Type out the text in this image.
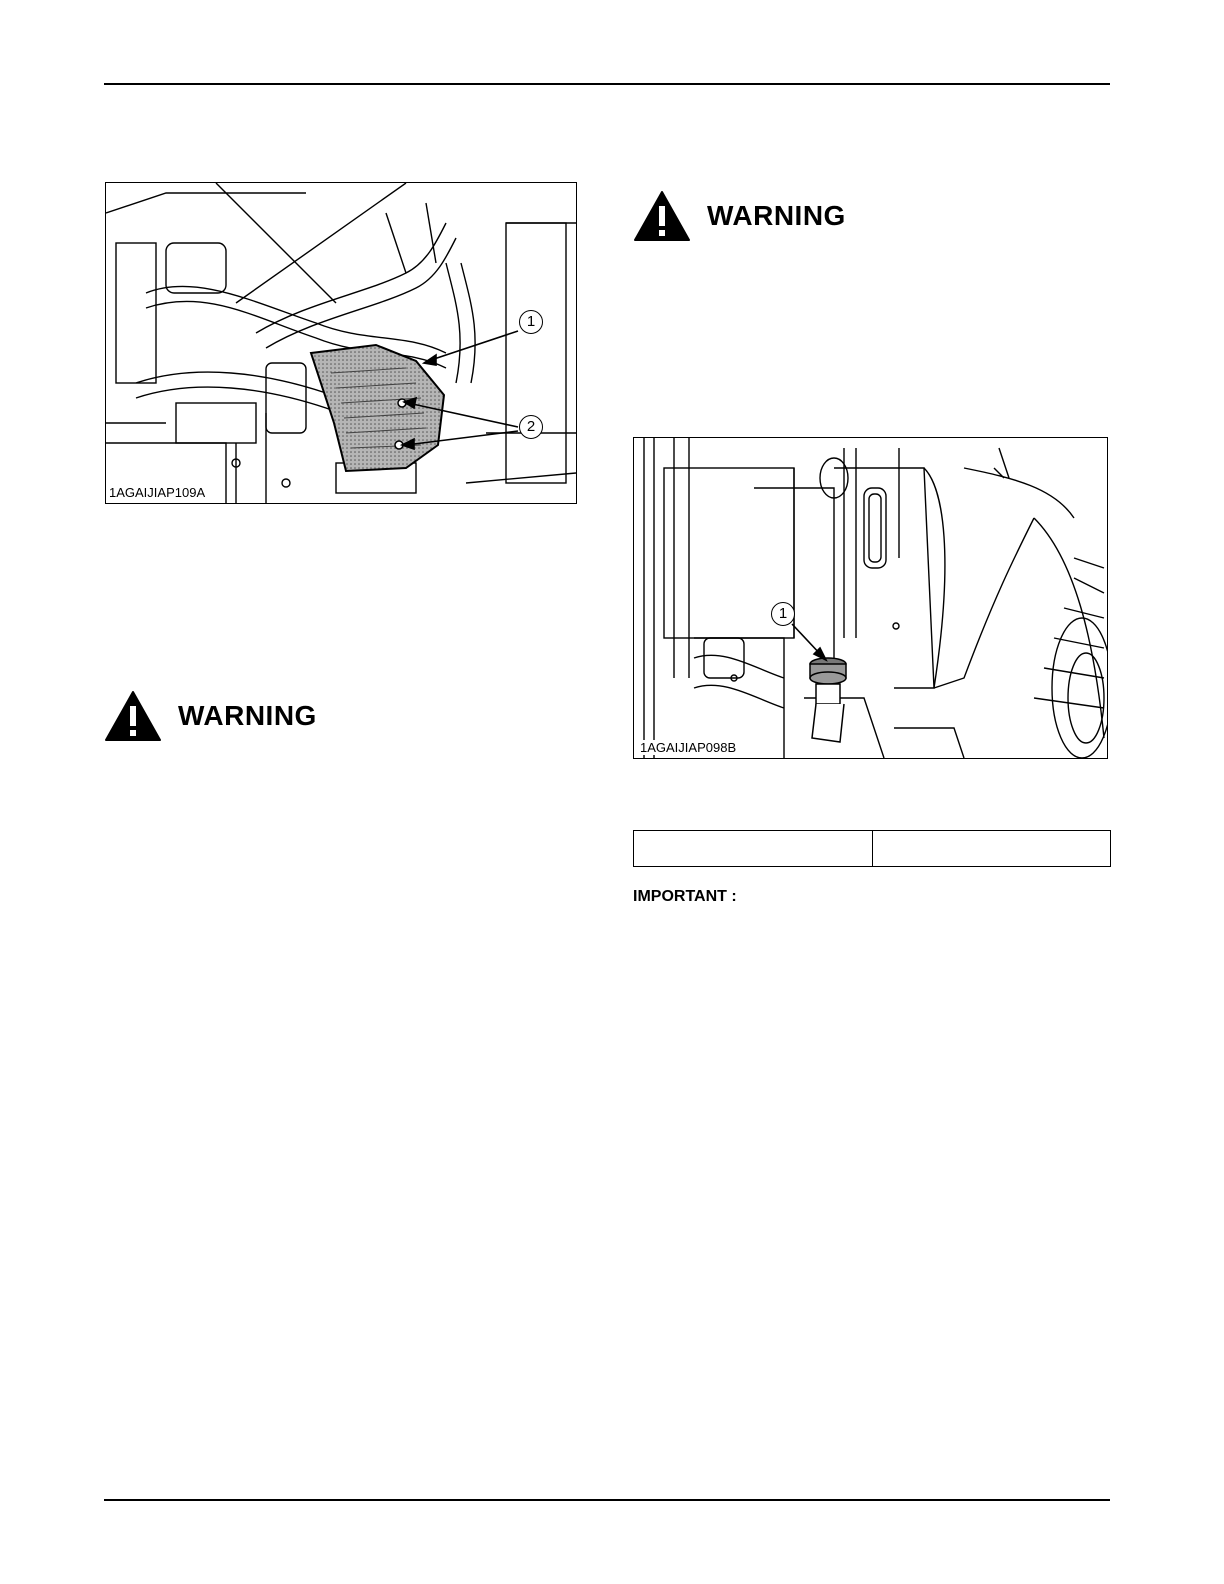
1
2
1AGAIJIAP109A
WARNING
WARNING
1
1AGAIJIAP098B
IMPORTANT :
